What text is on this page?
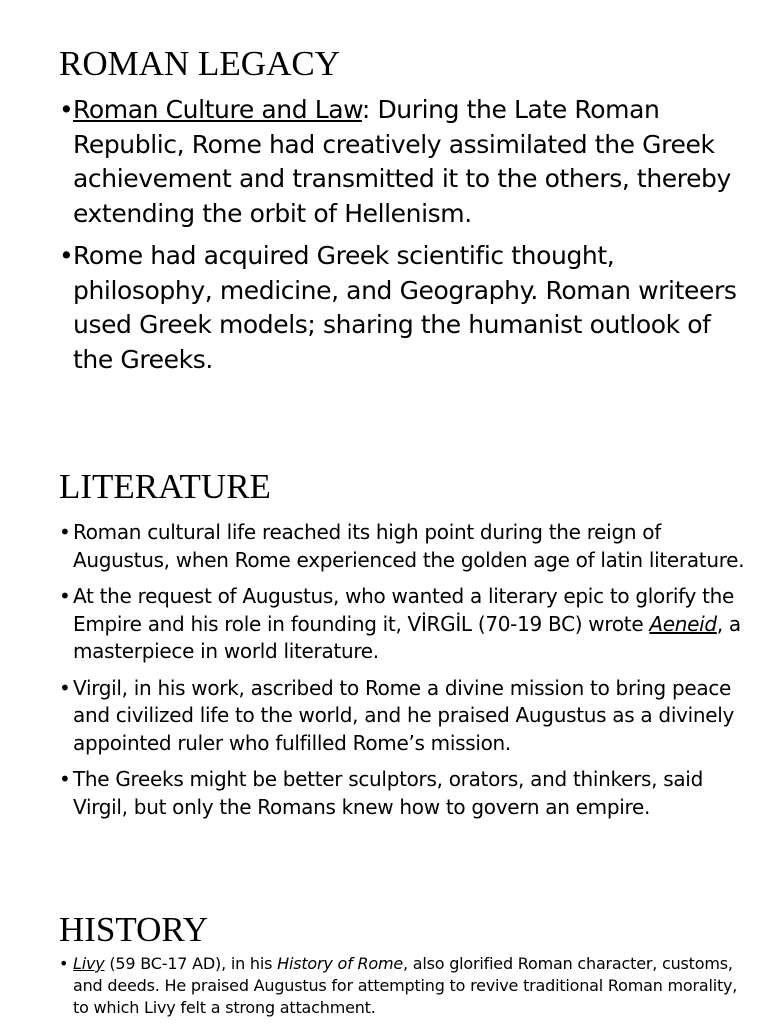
ROMAN LEGACY
• Roman Culture and Law: During the Late Roman Republic, Rome had creatively assimilated the Greek achievement and transmitted it to the others, thereby extending the orbit of Hellenism.
• Rome had acquired Greek scientific thought, philosophy, medicine, and Geography. Roman writeers used Greek models; sharing the humanist outlook of the Greeks.
LITERATURE
• Roman cultural life reached its high point during the reign of Augustus, when Rome experienced the golden age of latin literature.
• At the request of Augustus, who wanted a literary epic to glorify the Empire and his role in founding it, VİRGİL (70-19 BC) wrote Aeneid, a masterpiece in world literature.
• Virgil, in his work, ascribed to Rome a divine mission to bring peace and civilized life to the world, and he praised Augustus as a divinely appointed ruler who fulfilled Rome’s mission.
• The Greeks might be better sculptors, orators, and thinkers, said Virgil, but only the Romans knew how to govern an empire.
HISTORY
• Livy (59 BC-17 AD), in his History of Rome, also glorified Roman character, customs, and deeds. He praised Augustus for attempting to revive traditional Roman morality, to which Livy felt a strong attachment.
